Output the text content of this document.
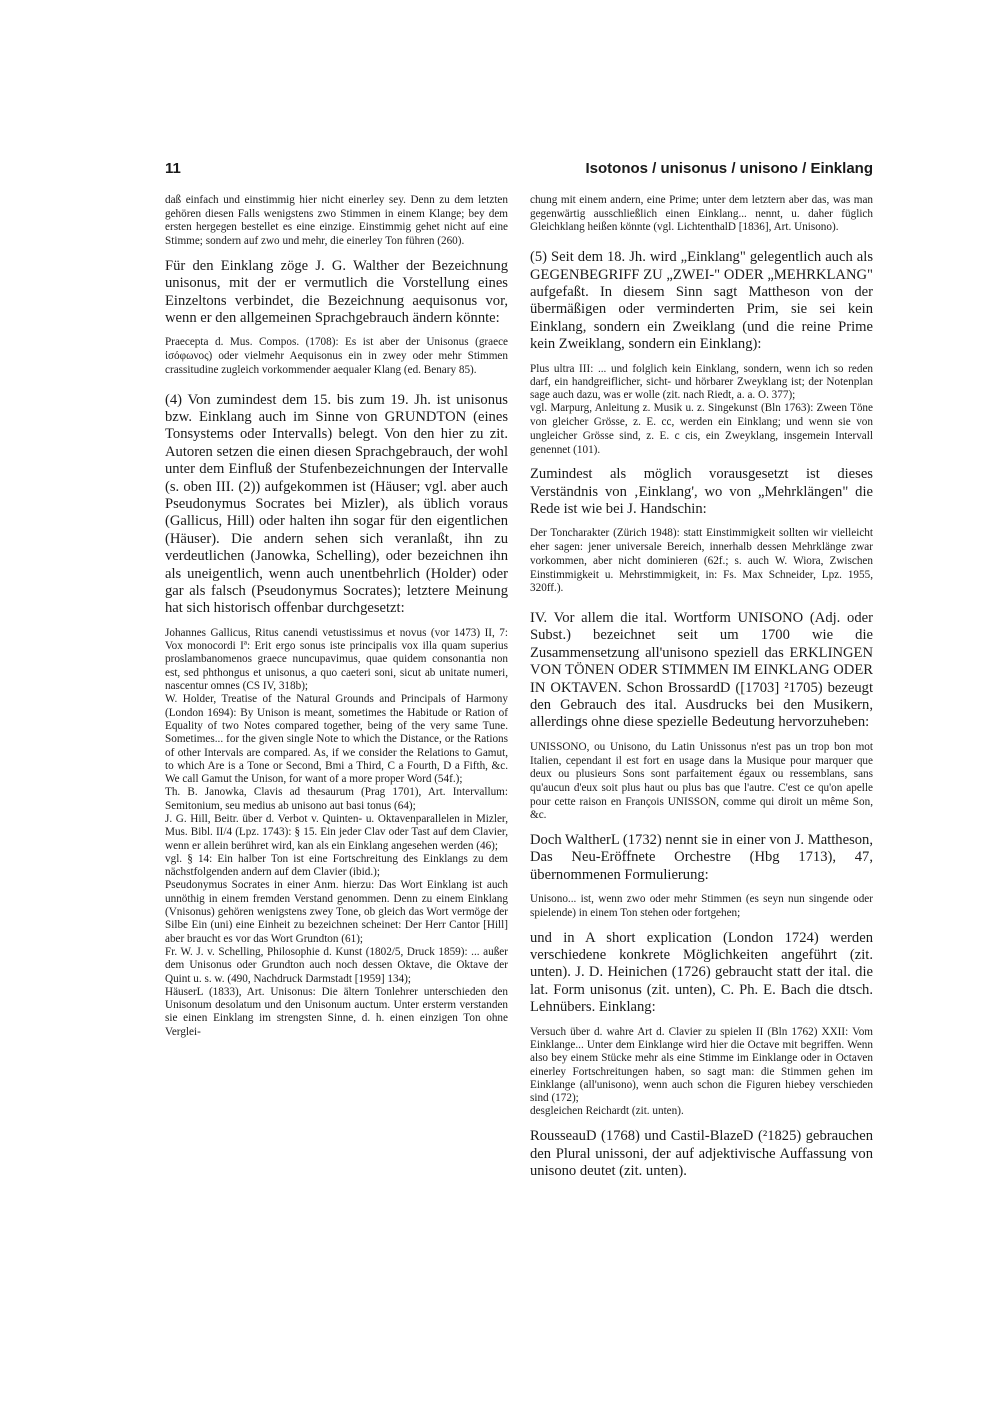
11	Isotonos / unisonus / unisono / Einklang

daß einfach und einstimmig hier nicht einerley sey. Denn zu dem letzten gehören diesen Falls wenigstens zwo Stimmen in einem Klange; bey dem ersten hergegen bestellet es eine einzige. Einstimmig gehet nicht auf eine Stimme; sondern auf zwo und mehr, die einerley Ton führen (260).

Für den Einklang zöge J. G. Walther der Bezeichnung unisonus, mit der er vermutlich die Vorstellung eines Einzeltons verbindet, die Bezeichnung aequisonus vor, wenn er den allgemeinen Sprachgebrauch ändern könnte:

Praecepta d. Mus. Compos. (1708): Es ist aber der Unisonus (graece ἰσόφωνος) oder vielmehr Aequisonus ein in zwey oder mehr Stimmen crassitudine zugleich vorkommender aequaler Klang (ed. Benary 85).

(4) Von zumindest dem 15. bis zum 19. Jh. ist unisonus bzw. Einklang auch im Sinne von GRUNDTON (eines Tonsystems oder Intervalls) belegt. Von den hier zu zit. Autoren setzen die einen diesen Sprachgebrauch, der wohl unter dem Einfluß der Stufenbezeichnungen der Intervalle (s. oben III. (2)) aufgekommen ist (Häuser; vgl. aber auch Pseudonymus Socrates bei Mizler), als üblich voraus (Gallicus, Hill) oder halten ihn sogar für den eigentlichen (Häuser). Die andern sehen sich veranlaßt, ihn zu verdeutlichen (Janowka, Schelling), oder bezeichnen ihn als uneigentlich, wenn auch unentbehrlich (Holder) oder gar als falsch (Pseudonymus Socrates); letztere Meinung hat sich historisch offenbar durchgesetzt:

Johannes Gallicus, Ritus canendi vetustissimus et novus (vor 1473) II, 7: Vox monocordi Iª: Erit ergo sonus iste principalis vox illa quam superius proslambanomenos graece nuncupavimus, quae quidem consonantia non est, sed phthongus et unisonus, a quo caeteri soni, sicut ab unitate numeri, nascentur omnes (CS IV, 318b);

W. Holder, Treatise of the Natural Grounds and Principals of Harmony (London 1694): By Unison is meant, sometimes the Habitude or Ration of Equality of two Notes compared together, being of the very same Tune. Sometimes... for the given single Note to which the Distance, or the Rations of other Intervals are compared. As, if we consider the Relations to Gamut, to which Are is a Tone or Second, Bmi a Third, C a Fourth, D a Fifth, &c. We call Gamut the Unison, for want of a more proper Word (54f.);

Th. B. Janowka, Clavis ad thesaurum (Prag 1701), Art. Intervallum: Semitonium, seu medius ab unisono aut basi tonus (64);

J. G. Hill, Beitr. über d. Verbot v. Quinten- u. Oktavenparallelen in Mizler, Mus. Bibl. II/4 (Lpz. 1743): § 15. Ein jeder Clav oder Tast auf dem Clavier, wenn er allein berühret wird, kan als ein Einklang angesehen werden (46);

vgl. § 14: Ein halber Ton ist eine Fortschreitung des Einklangs zu dem nächstfolgenden andern auf dem Clavier (ibid.);

Pseudonymus Socrates in einer Anm. hierzu: Das Wort Einklang ist auch unnöthig in einem fremden Verstand genommen. Denn zu einem Einklang (Vnisonus) gehören wenigstens zwey Tone, ob gleich das Wort vermöge der Silbe Ein (uni) eine Einheit zu bezeichnen scheinet: Der Herr Cantor [Hill] aber braucht es vor das Wort Grundton (61);

Fr. W. J. v. Schelling, Philosophie d. Kunst (1802/5, Druck 1859): ... außer dem Unisonus oder Grundton auch noch dessen Oktave, die Oktave der Quint u. s. w. (490, Nachdruck Darmstadt [1959] 134);

HäuserL (1833), Art. Unisonus: Die ältern Tonlehrer unterschieden den Unisonum desolatum und den Unisonum auctum. Unter ersterm verstanden sie einen Einklang im strengsten Sinne, d. h. einen einzigen Ton ohne Verglei-

chung mit einem andern, eine Prime; unter dem letztern aber das, was man gegenwärtig ausschließlich einen Einklang... nennt, u. daher füglich Gleichklang heißen könnte (vgl. LichtenthalD [1836], Art. Unisono).

(5) Seit dem 18. Jh. wird „Einklang" gelegentlich auch als GEGENBEGRIFF ZU „ZWEI-" ODER „MEHRKLANG" aufgefaßt. In diesem Sinn sagt Mattheson von der übermäßigen oder verminderten Prim, sie sei kein Einklang, sondern ein Zweiklang (und die reine Prime kein Zweiklang, sondern ein Einklang):

Plus ultra III: ... und folglich kein Einklang, sondern, wenn ich so reden darf, ein handgreiflicher, sicht- und hörbarer Zweyklang ist; der Notenplan sage auch dazu, was er wolle (zit. nach Riedt, a. a. O. 377);

vgl. Marpurg, Anleitung z. Musik u. z. Singekunst (Bln 1763): Zween Töne von gleicher Grösse, z. E. cc, werden ein Einklang; und wenn sie von ungleicher Grösse sind, z. E. c cis, ein Zweyklang, insgemein Intervall genennet (101).

Zumindest als möglich vorausgesetzt ist dieses Verständnis von ‚Einklang', wo von „Mehrklängen" die Rede ist wie bei J. Handschin:

Der Toncharakter (Zürich 1948): statt Einstimmigkeit sollten wir vielleicht eher sagen: jener universale Bereich, innerhalb dessen Mehrklänge zwar vorkommen, aber nicht dominieren (62f.; s. auch W. Wiora, Zwischen Einstimmigkeit u. Mehrstimmigkeit, in: Fs. Max Schneider, Lpz. 1955, 320ff.).

IV. Vor allem die ital. Wortform UNISONO (Adj. oder Subst.) bezeichnet seit um 1700 wie die Zusammensetzung all'unisono speziell das ERKLINGEN VON TÖNEN ODER STIMMEN IM EINKLANG ODER IN OKTAVEN. Schon BrossardD ([1703] ²1705) bezeugt den Gebrauch des ital. Ausdrucks bei den Musikern, allerdings ohne diese spezielle Bedeutung hervorzuheben:

UNISSONO, ou Unisono, du Latin Unissonus n'est pas un trop bon mot Italien, cependant il est fort en usage dans la Musique pour marquer que deux ou plusieurs Sons sont parfaitement égaux ou ressemblans, sans qu'aucun d'eux soit plus haut ou plus bas que l'autre. C'est ce qu'on apelle pour cette raison en François UNISSON, comme qui diroit un même Son, &c.

Doch WaltherL (1732) nennt sie in einer von J. Mattheson, Das Neu-Eröffnete Orchestre (Hbg 1713), 47, übernommenen Formulierung:

Unisono... ist, wenn zwo oder mehr Stimmen (es seyn nun singende oder spielende) in einem Ton stehen oder fortgehen;

und in A short explication (London 1724) werden verschiedene konkrete Möglichkeiten angeführt (zit. unten). J. D. Heinichen (1726) gebraucht statt der ital. die lat. Form unisonus (zit. unten), C. Ph. E. Bach die dtsch. Lehnübers. Einklang:

Versuch über d. wahre Art d. Clavier zu spielen II (Bln 1762) XXII: Vom Einklange... Unter dem Einklange wird hier die Octave mit begriffen. Wenn also bey einem Stücke mehr als eine Stimme im Einklange oder in Octaven einerley Fortschreitungen haben, so sagt man: die Stimmen gehen im Einklange (all'unisono), wenn auch schon die Figuren hiebey verschieden sind (172);

desgleichen Reichardt (zit. unten).

RousseauD (1768) und Castil-BlazeD (²1825) gebrauchen den Plural unissoni, der auf adjektivische Auffassung von unisono deutet (zit. unten).
